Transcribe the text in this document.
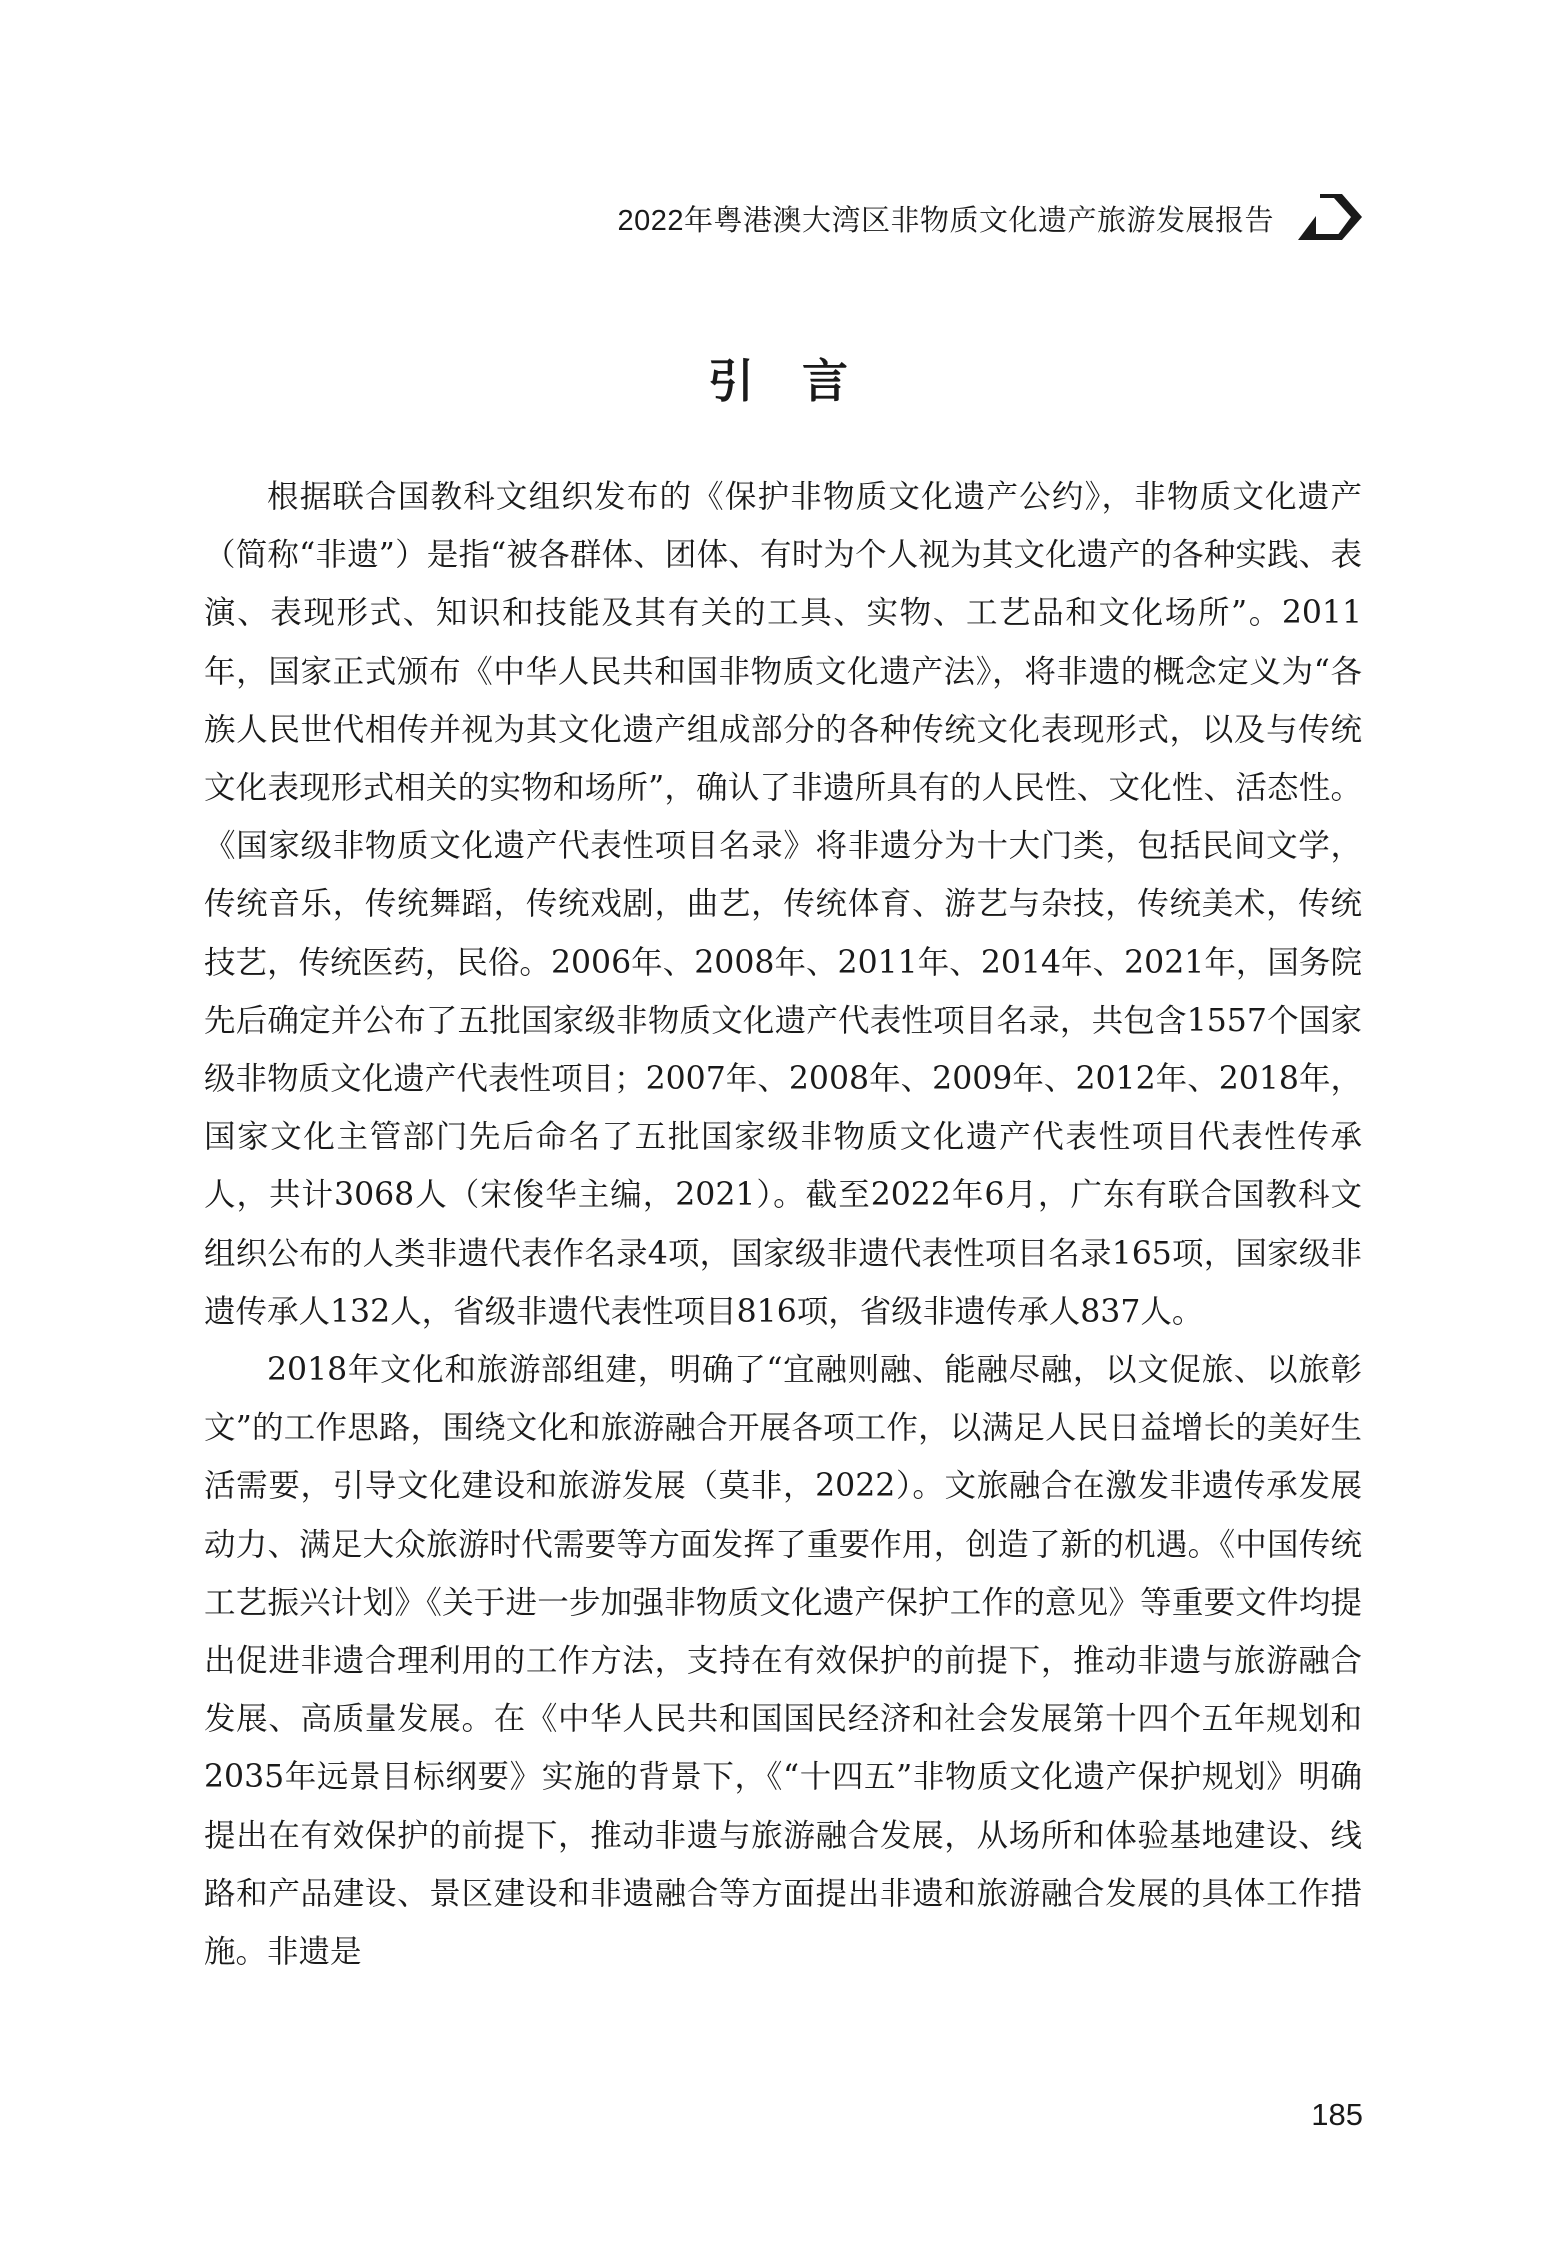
2022年粤港澳大湾区非物质文化遗产旅游发展报告
引言

根据联合国教科文组织发布的《保护非物质文化遗产公约》，非物质文化遗产（简称“非遗”）是指“被各群体、团体、有时为个人视为其文化遗产的各种实践、表演、表现形式、知识和技能及其有关的工具、实物、工艺品和文化场所”。2011年，国家正式颁布《中华人民共和国非物质文化遗产法》，将非遗的概念定义为“各族人民世代相传并视为其文化遗产组成部分的各种传统文化表现形式，以及与传统文化表现形式相关的实物和场所”，确认了非遗所具有的人民性、文化性、活态性。《国家级非物质文化遗产代表性项目名录》将非遗分为十大门类，包括民间文学，传统音乐，传统舞蹈，传统戏剧，曲艺，传统体育、游艺与杂技，传统美术，传统技艺，传统医药，民俗。2006年、2008年、2011年、2014年、2021年，国务院先后确定并公布了五批国家级非物质文化遗产代表性项目名录，共包含1557个国家级非物质文化遗产代表性项目；2007年、2008年、2009年、2012年、2018年，国家文化主管部门先后命名了五批国家级非物质文化遗产代表性项目代表性传承人，共计3068人（宋俊华主编，2021）。截至2022年6月，广东有联合国教科文组织公布的人类非遗代表作名录4项，国家级非遗代表性项目名录165项，国家级非遗传承人132人，省级非遗代表性项目816项，省级非遗传承人837人。

2018年文化和旅游部组建，明确了“宜融则融、能融尽融，以文促旅、以旅彰文”的工作思路，围绕文化和旅游融合开展各项工作，以满足人民日益增长的美好生活需要，引导文化建设和旅游发展（莫非，2022）。文旅融合在激发非遗传承发展动力、满足大众旅游时代需要等方面发挥了重要作用，创造了新的机遇。《中国传统工艺振兴计划》《关于进一步加强非物质文化遗产保护工作的意见》等重要文件均提出促进非遗合理利用的工作方法，支持在有效保护的前提下，推动非遗与旅游融合发展、高质量发展。在《中华人民共和国国民经济和社会发展第十四个五年规划和2035年远景目标纲要》实施的背景下，《“十四五”非物质文化遗产保护规划》明确提出在有效保护的前提下，推动非遗与旅游融合发展，从场所和体验基地建设、线路和产品建设、景区建设和非遗融合等方面提出非遗和旅游融合发展的具体工作措施。非遗是

185
